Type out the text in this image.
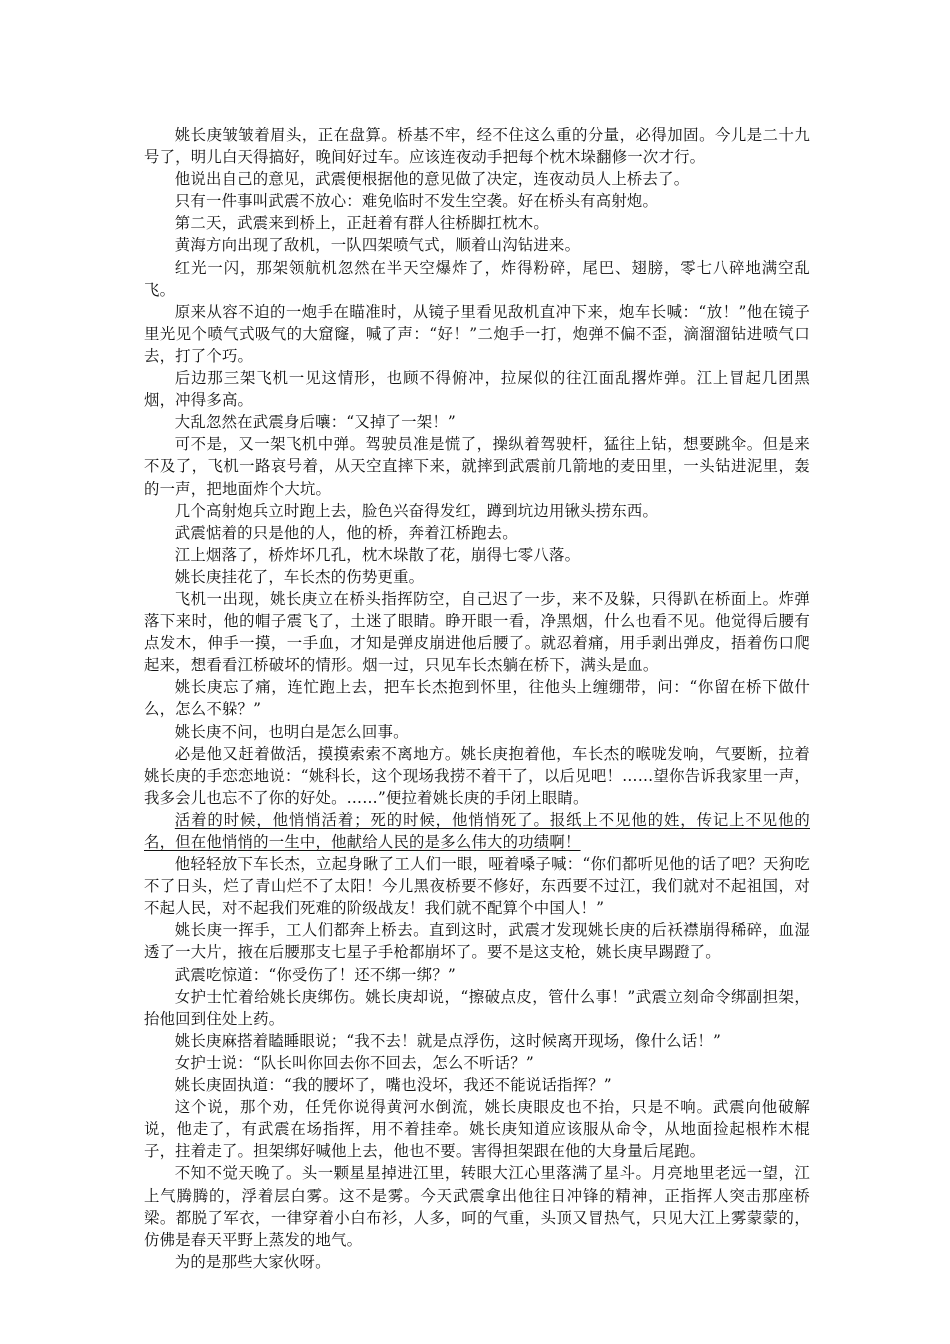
姚长庚皱皱着眉头，正在盘算。桥基不牢，经不住这么重的分量，必得加固。今儿是二十九号了，明儿白天得搞好，晚间好过车。应该连夜动手把每个枕木垛翻修一次才行。

他说出自己的意见，武震便根据他的意见做了决定，连夜动员人上桥去了。

只有一件事叫武震不放心：难免临时不发生空袭。好在桥头有高射炮。

第二天，武震来到桥上，正赶着有群人往桥脚扛枕木。

黄海方向出现了敌机，一队四架喷气式，顺着山沟钻进来。

红光一闪，那架领航机忽然在半天空爆炸了，炸得粉碎，尾巴、翅膀，零七八碎地满空乱飞。

原来从容不迫的一炮手在瞄准时，从镜子里看见敌机直冲下来，炮车长喊：“放！”他在镜子里光见个喷气式吸气的大窟窿，喊了声：“好！”二炮手一打，炮弹不偏不歪，滴溜溜钻进喷气口去，打了个巧。

后边那三架飞机一见这情形，也顾不得俯冲，拉屎似的往江面乱撂炸弹。江上冒起几团黑烟，冲得多高。

大乱忽然在武震身后嚷：“又掉了一架！”

可不是，又一架飞机中弹。驾驶员准是慌了，操纵着驾驶杆，猛往上钻，想要跳伞。但是来不及了，飞机一路哀号着，从天空直摔下来，就摔到武震前几箭地的麦田里，一头钻进泥里，轰的一声，把地面炸个大坑。

几个高射炮兵立时跑上去，脸色兴奋得发红，蹲到坑边用锹头捞东西。

武震惦着的只是他的人，他的桥，奔着江桥跑去。

江上烟落了，桥炸坏几孔，枕木垛散了花，崩得七零八落。

姚长庚挂花了，车长杰的伤势更重。

飞机一出现，姚长庚立在桥头指挥防空，自己迟了一步，来不及躲，只得趴在桥面上。炸弹落下来时，他的帽子震飞了，土迷了眼睛。睁开眼一看，净黑烟，什么也看不见。他觉得后腰有点发木，伸手一摸，一手血，才知是弹皮崩进他后腰了。就忍着痛，用手剥出弹皮，捂着伤口爬起来，想看看江桥破坏的情形。烟一过，只见车长杰躺在桥下，满头是血。

姚长庚忘了痛，连忙跑上去，把车长杰抱到怀里，往他头上缠绷带，问：“你留在桥下做什么，怎么不躲？”

姚长庚不问，也明白是怎么回事。

必是他又赶着做活，摸摸索索不离地方。姚长庚抱着他，车长杰的喉咙发响，气要断，拉着姚长庚的手恋恋地说：“姚科长，这个现场我捞不着干了，以后见吧！……望你告诉我家里一声，我多会儿也忘不了你的好处。……”便拉着姚长庚的手闭上眼睛。

活着的时候，他悄悄活着；死的时候，他悄悄死了。报纸上不见他的姓，传记上不见他的名，但在他悄悄的一生中，他献给人民的是多么伟大的功绩啊！

他轻轻放下车长杰，立起身瞅了工人们一眼，哑着嗓子喊：“你们都听见他的话了吧？天狗吃不了日头，烂了青山烂不了太阳！今儿黑夜桥要不修好，东西要不过江，我们就对不起祖国，对不起人民，对不起我们死难的阶级战友！我们就不配算个中国人！”

姚长庚一挥手，工人们都奔上桥去。直到这时，武震才发现姚长庚的后袄襟崩得稀碎，血湿透了一大片，掖在后腰那支七星子手枪都崩坏了。要不是这支枪，姚长庚早踢蹬了。

武震吃惊道：“你受伤了！还不绑一绑？”

女护士忙着给姚长庚绑伤。姚长庚却说，“擦破点皮，管什么事！”武震立刻命令绑副担架，抬他回到住处上药。

姚长庚麻搭着瞌睡眼说；“我不去！就是点浮伤，这时候离开现场，像什么话！”

女护士说：“队长叫你回去你不回去，怎么不听话？”

姚长庚固执道：“我的腰坏了，嘴也没坏，我还不能说话指挥？”

这个说，那个劝，任凭你说得黄河水倒流，姚长庚眼皮也不抬，只是不响。武震向他破解说，他走了，有武震在场指挥，用不着挂牵。姚长庚知道应该服从命令，从地面捡起根柞木棍子，拄着走了。担架绑好喊他上去，他也不要。害得担架跟在他的大身量后尾跑。

不知不觉天晚了。头一颗星星掉进江里，转眼大江心里落满了星斗。月亮地里老远一望，江上气腾腾的，浮着层白雾。这不是雾。今天武震拿出他往日冲锋的精神，正指挥人突击那座桥梁。都脱了军衣，一律穿着小白布衫，人多，呵的气重，头顶又冒热气，只见大江上雾蒙蒙的，仿佛是春天平野上蒸发的地气。

为的是那些大家伙呀。
